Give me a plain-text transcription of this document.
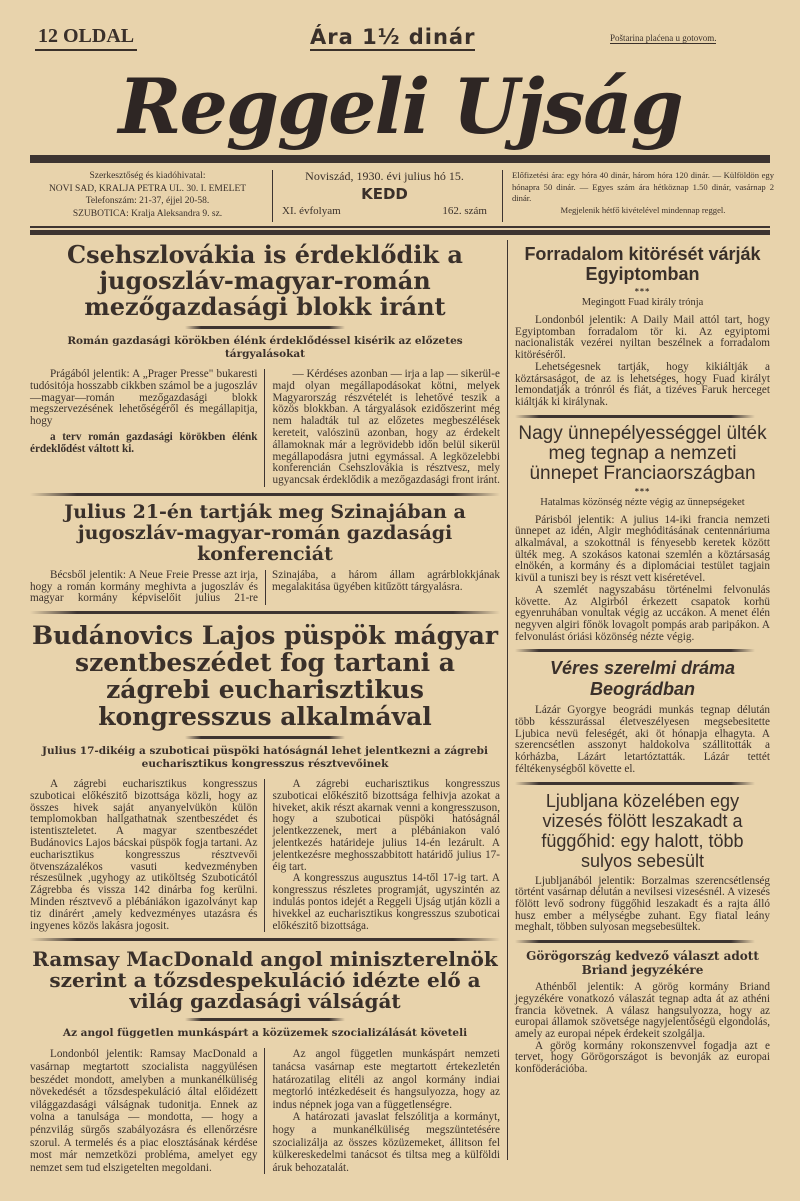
12 OLDAL	Ára 1½ dinár	Poštarina plaćena u gotovom.
Reggeli Ujság
Szerkesztőség és kiadóhivatal:
NOVI SAD, KRALJA PETRA UL. 30. I. EMELET
Telefonszám: 21-37, éjjel 20-58.
SZUBOTICA: Kralja Aleksandra 9. sz.
Noviszád, 1930. évi julius hó 15.
KEDD
XI. évfolyam	162. szám
Előfizetési ára: egy hóra 40 dinár, három hóra 120 dinár. — Külföldön egy hónapra 50 dinár. — Egyes szám ára hétköznap 1.50 dinár, vasárnap 2 dinár.
Megjelenik hétfő kivételével mindennap reggel.
Csehszlovákia is érdeklődik a jugoszláv-magyar-román mezőgazdasági blokk iránt
Román gazdasági körökben élénk érdeklődéssel kisérik az előzetes tárgyalásokat

Prágából jelentik: A „Prager Presse" bukaresti tudósitója hosszabb cikkben számol be a jugoszláv—magyar—román mezőgazdasági blokk megszervezésének lehetőségéről és megállapitja, hogy

a terv román gazdasági körökben élénk érdeklődést váltott ki.

— Kérdéses azonban — irja a lap — sikerül-e majd olyan megállapodásokat kötni, melyek Magyarország részvételét is lehetővé teszik a közös blokkban. A tárgyalások ezidőszerint még nem haladták tul az előzetes megbeszélések kereteit, valószinü azonban, hogy az érdekelt államoknak már a legrövidebb időn belül sikerül megállapodásra jutni egymással. A legközelebbi konferencián Csehszlovákia is résztvesz, mely ugyancsak érdeklődik a mezőgazdasági front iránt.

Julius 21-én tartják meg Szinajában a jugoszláv-magyar-román gazdasági konferenciát

Bécsből jelentik: A Neue Freie Presse azt irja, hogy a román kormány meghivta a jugoszláv és magyar kormány képviselőit julius 21-re Szinajába, a három állam agrárblokkjának megalakitása ügyében kitűzött tárgyalásra.

Budánovics Lajos püspök mágyar szentbeszédet fog tartani a zágrebi eucharisztikus kongresszus alkalmával
Julius 17-dikéig a szuboticai püspöki hatóságnál lehet jelentkezni a zágrebi eucharisztikus kongresszus résztvevőinek

A zágrebi eucharisztikus kongresszus szuboticai előkészitő bizottsága közli, hogy az összes hivek saját anyanyelvükön külön templomokban hallgathatnak szentbeszédet és istentiszteletet. A magyar szentbeszédet Budánovics Lajos bácskai püspök fogja tartani. Az eucharisztikus kongresszus résztvevői ötvenszázalékos vasuti kedvezményben részesülnek ,ugyhogy az utiköltség Szuboticától Zágrebba és vissza 142 dinárba fog kerülni. Minden résztvevő a plébániákon igazolványt kap tiz dinárért ,amely kedvezményes utazásra és ingyenes közös lakásra jogosit.

A zágrebi eucharisztikus kongresszus szuboticai előkészitő bizottsága felhivja azokat a hiveket, akik részt akarnak venni a kongresszuson, hogy a szuboticai püspöki hatóságnál jelentkezzenek, mert a plébániakon való jelentkezés határideje julius 14-én lezárult. A jelentkezésre meghosszabbitott határidő julius 17-éig tart.

A kongresszus augusztus 14-től 17-ig tart. A kongresszus részletes programját, ugyszintén az indulás pontos idejét a Reggeli Ujság utján közli a hivekkel az eucharisztikus kongresszus szuboticai előkészitő bizottsága.

Ramsay MacDonald angol miniszterelnök szerint a tőzsdespekuláció idézte elő a világ gazdasági válságát
Az angol független munkáspárt a közüzemek szocializálását követeli

Londonból jelentik: Ramsay MacDonald a vasárnap megtartott szocialista naggyülésen beszédet mondott, amelyben a munkanélküliség növekedését a tőzsdespekuláció által előidézett világgazdasági válságnak tudonitja. Ennek az volna a tanulsága — mondotta, — hogy a pénzvilág sürgős szabályozásra és ellenőrzésre szorul. A termelés és a piac elosztásának kérdése most már nemzetközi probléma, amelyet egy nemzet sem tud elszigetelten megoldani.

Az angol független munkáspárt nemzeti tanácsa vasárnap este megtartott értekezletén határozatilag elitéli az angol kormány indiai megtorló intézkedéseit és hangsulyozza, hogy az indus népnek joga van a függetlenségre.

A határozati javaslat felszólitja a kormányt, hogy a munkanélküliség megszüntetésére szocializálja az összes közüzemeket, állitson fel külkereskedelmi tanácsot és tiltsa meg a külföldi áruk behozatalát.

Forradalom kitörését várják Egyiptomban
***
Megingott Fuad király trónja

Londonból jelentik: A Daily Mail attól tart, hogy Egyiptomban forradalom tör ki. Az egyiptomi nacionalisták vezérei nyiltan beszélnek a forradalom kitöréséről.

Lehetségesnek tartják, hogy kikiáltják a köztársaságot, de az is lehetséges, hogy Fuad királyt lemondatják a trónról és fiát, a tizéves Faruk herceget kiáltják ki királynak.

Nagy ünnepélyességgel ülték meg tegnap a nemzeti ünnepet Franciaországban
***
Hatalmas közönség nézte végig az ünnepségeket

Párisból jelentik: A julius 14-iki francia nemzeti ünnepet az idén, Algir meghóditásának centennáriuma alkalmával, a szokottnál is fényesebb keretek között ülték meg. A szokásos katonai szemlén a köztársaság elnökén, a kormány és a diplomáciai testület tagjain kivül a tuniszi bey is részt vett kiséretével.

A szemlét nagyszabásu történelmi felvonulás követte. Az Algirból érkezett csapatok korhü egyenruhában vonultak végig az uccákon. A menet élén negyven algiri főnök lovagolt pompás arab paripákon. A felvonulást óriási közönség nézte végig.

Véres szerelmi dráma Beográdban

Lázár Gyorgye beográdi munkás tegnap délután több késszurással életveszélyesen megsebesitette Ljubica nevü feleségét, aki öt hónapja elhagyta. A szerencsétlen asszonyt haldokolva szállitották a kórházba, Lázárt letartóztatták. Lázár tettét féltékenységből követte el.

Ljubljana közelében egy vizesés fölött leszakadt a függőhid: egy halott, több sulyos sebesült

Ljubljanából jelentik: Borzalmas szerencsétlenség történt vasárnap délután a nevilsesi vizesésnél. A vizesés fölött levő sodrony függőhid leszakadt és a rajta álló husz ember a mélységbe zuhant. Egy fiatal leány meghalt, többen sulyosan megsebesültek.

Görögország kedvező választ adott Briand jegyzékére

Athénből jelentik: A görög kormány Briand jegyzékére vonatkozó válaszát tegnap adta át az athéni francia követnek. A válasz hangsulyozza, hogy az europai államok szövetsége nagyjelentőségü elgondolás, amely az europai népek érdekeit szolgálja.

A görög kormány rokonszenvvel fogadja azt e tervet, hogy Görögországot is bevonják az europai konföderációba.
